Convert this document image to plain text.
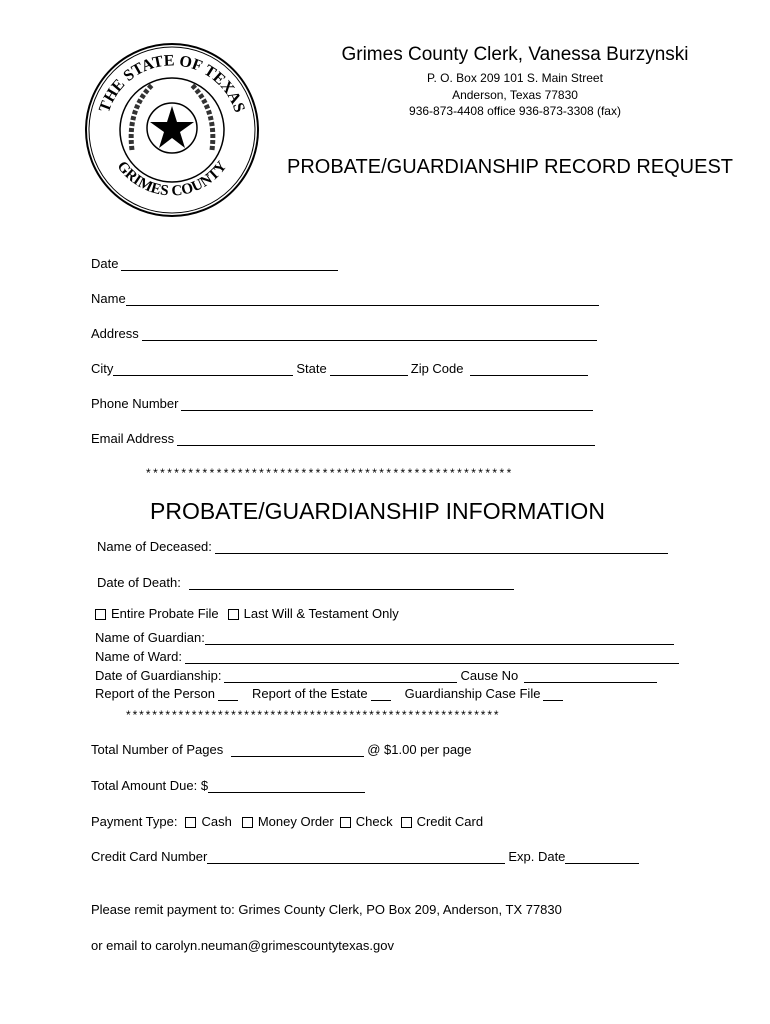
THE STATE OF TEXAS
GRIMES COUNTY
Grimes County Clerk, Vanessa Burzynski
P. O. Box 209 101 S. Main Street
Anderson, Texas 77830
936-873-4408 office 936-873-3308 (fax)
PROBATE/GUARDIANSHIP RECORD REQUEST
Date
Name
Address
City	State	Zip Code
Phone Number
Email Address
****************************************************
PROBATE/GUARDIANSHIP INFORMATION
Name of Deceased:
Date of Death:
Entire Probate File Last Will & Testament Only
Name of Guardian:
Name of Ward:
Date of Guardianship:	Cause No
Report of the Person	Report of the Estate	Guardianship Case File
*********************************************************
Total Number of Pages	@ $1.00 per page
Total Amount Due: $
Payment Type: Cash Money Order Check Credit Card
Credit Card Number	Exp. Date
Please remit payment to: Grimes County Clerk, PO Box 209, Anderson, TX 77830
or email to carolyn.neuman@grimescountytexas.gov
